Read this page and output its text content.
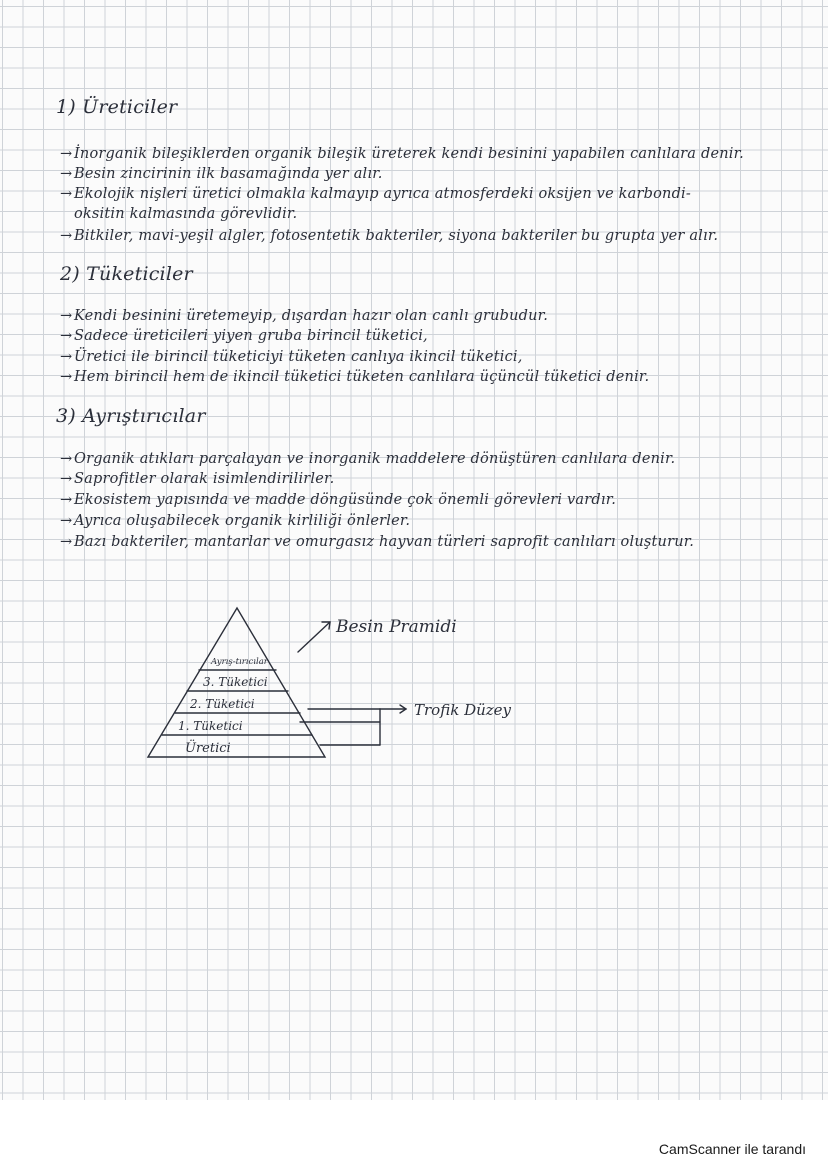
1) Üreticiler
→ İnorganik bileşiklerden organik bileşik üreterek kendi besinini yapabilen canlılara denir.
→ Besin zincirinin ilk basamağında yer alır.
→ Ekolojik nişleri üretici olmakla kalmayıp ayrıca atmosferdeki oksijen ve karbondi-
oksitin kalmasında görevlidir.
→ Bitkiler, mavi-yeşil algler, fotosentetik bakteriler, siyona bakteriler bu grupta yer alır.
2) Tüketiciler
→ Kendi besinini üretemeyip, dışardan hazır olan canlı grubudur.
→ Sadece üreticileri yiyen gruba birincil tüketici,
→ Üretici ile birincil tüketiciyi tüketen canlıya ikincil tüketici,
→ Hem birincil hem de ikincil tüketici tüketen canlılara üçüncül tüketici denir.
3) Ayrıştırıcılar
→ Organik atıkları parçalayan ve inorganik maddelere dönüştüren canlılara denir.
→ Saprofitler olarak isimlendirilirler.
→ Ekosistem yapısında ve madde döngüsünde çok önemli görevleri vardır.
→ Ayrıca oluşabilecek organik kirliliği önlerler.
→ Bazı bakteriler, mantarlar ve omurgasız hayvan türleri saprofit canlıları oluşturur.
Besin Pramidi
Trofik Düzey
Ayrış-tırıcılar
3. Tüketici
2. Tüketici
1. Tüketici
Üretici
CamScanner ile tarandı
